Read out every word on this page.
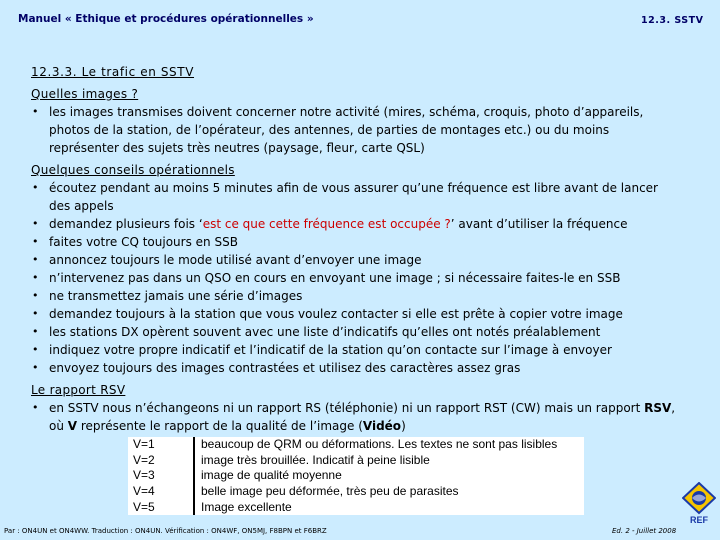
Manuel « Ethique et procédures opérationnelles »	12.3. SSTV

12.3.3. Le trafic en SSTV

Quelles images ?

• les images transmises doivent concerner notre activité (mires, schéma, croquis, photo d’appareils, photos de la station, de l’opérateur, des antennes, de parties de montages etc.) ou du moins représenter des sujets très neutres (paysage, fleur, carte QSL)

Quelques conseils opérationnels

• écoutez pendant au moins 5 minutes afin de vous assurer qu’une fréquence est libre avant de lancer des appels
• demandez plusieurs fois ‘est ce que cette fréquence est occupée ?’ avant d’utiliser la fréquence
• faites votre CQ toujours en SSB
• annoncez toujours le mode utilisé avant d’envoyer une image
• n’intervenez pas dans un QSO en cours en envoyant une image ; si nécessaire faites-le en SSB
• ne transmettez jamais une série d’images
• demandez toujours à la station que vous voulez contacter si elle est prête à copier votre image
• les stations DX opèrent souvent avec une liste d’indicatifs qu’elles ont notés préalablement
• indiquez votre propre indicatif et l’indicatif de la station qu’on contacte sur l’image à envoyer
• envoyez toujours des images contrastées et utilisez des caractères assez gras

Le rapport RSV

• en SSTV nous n’échangeons ni un rapport RS (téléphonie) ni un rapport RST (CW) mais un rapport RSV, où V représente le rapport de la qualité de l’image (Vidéo)
V=1	beaucoup de QRM ou déformations. Les textes ne sont pas lisibles
V=2	image très brouillée. Indicatif à peine lisible
V=3	image de qualité moyenne
V=4	belle image peu déformée, très peu de parasites
V=5	Image excellente
Par : ON4UN et ON4WW. Traduction : ON4UN. Vérification : ON4WF, ON5MJ, F8BPN et F6BRZ	Ed. 2 - Juillet 2008
REF
